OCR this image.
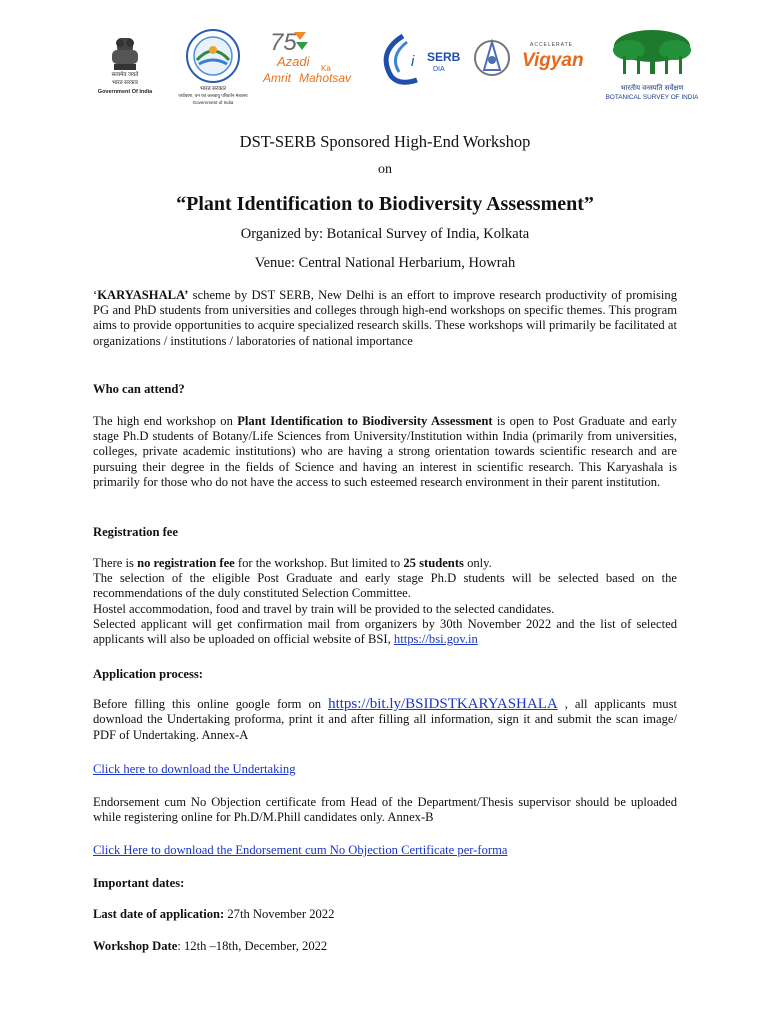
सत्यमेव जयते
भारत सरकार
Government Of India	भारत सरकार
पर्यावरण, वन एवं जलवायु परिवर्तन मंत्रालय
Government of India
75
Azadi Ka
Amrit Mahotsav
i SERB
DIA
ACCELERATE
Vigyan
भारतीय वनस्पति सर्वेक्षण
BOTANICAL SURVEY OF INDIA
DST-SERB Sponsored High-End Workshop
on
“Plant Identification to Biodiversity Assessment”
Organized by: Botanical Survey of India, Kolkata
Venue: Central National Herbarium, Howrah
‘KARYASHALA’ scheme by DST SERB, New Delhi is an effort to improve research productivity of promising PG and PhD students from universities and colleges through high-end workshops on specific themes. This program aims to provide opportunities to acquire specialized research skills. These workshops will primarily be facilitated at organizations / institutions / laboratories of national importance
Who can attend?
The high end workshop on Plant Identification to Biodiversity Assessment is open to Post Graduate and early stage Ph.D students of Botany/Life Sciences from University/Institution within India (primarily from universities, colleges, private academic institutions) who are having a strong orientation towards scientific research and are pursuing their degree in the fields of Science and having an interest in scientific research. This Karyashala is primarily for those who do not have the access to such esteemed research environment in their parent institution.
Registration fee
There is no registration fee for the workshop. But limited to 25 students only.
The selection of the eligible Post Graduate and early stage Ph.D students will be selected based on the recommendations of the duly constituted Selection Committee.
Hostel accommodation, food and travel by train will be provided to the selected candidates.
Selected applicant will get confirmation mail from organizers by 30th November 2022 and the list of selected applicants will also be uploaded on official website of BSI, https://bsi.gov.in
Application process:
Before filling this online google form on https://bit.ly/BSIDSTKARYASHALA , all applicants must download the Undertaking proforma, print it and after filling all information, sign it and submit the scan image/ PDF of Undertaking. Annex-A
Click here to download the Undertaking
Endorsement cum No Objection certificate from Head of the Department/Thesis supervisor should be uploaded while registering online for Ph.D/M.Phill candidates only. Annex-B
Click Here to download the Endorsement cum No Objection Certificate per-forma
Important dates:
Last date of application: 27th November 2022
Workshop Date: 12th –18th, December, 2022
